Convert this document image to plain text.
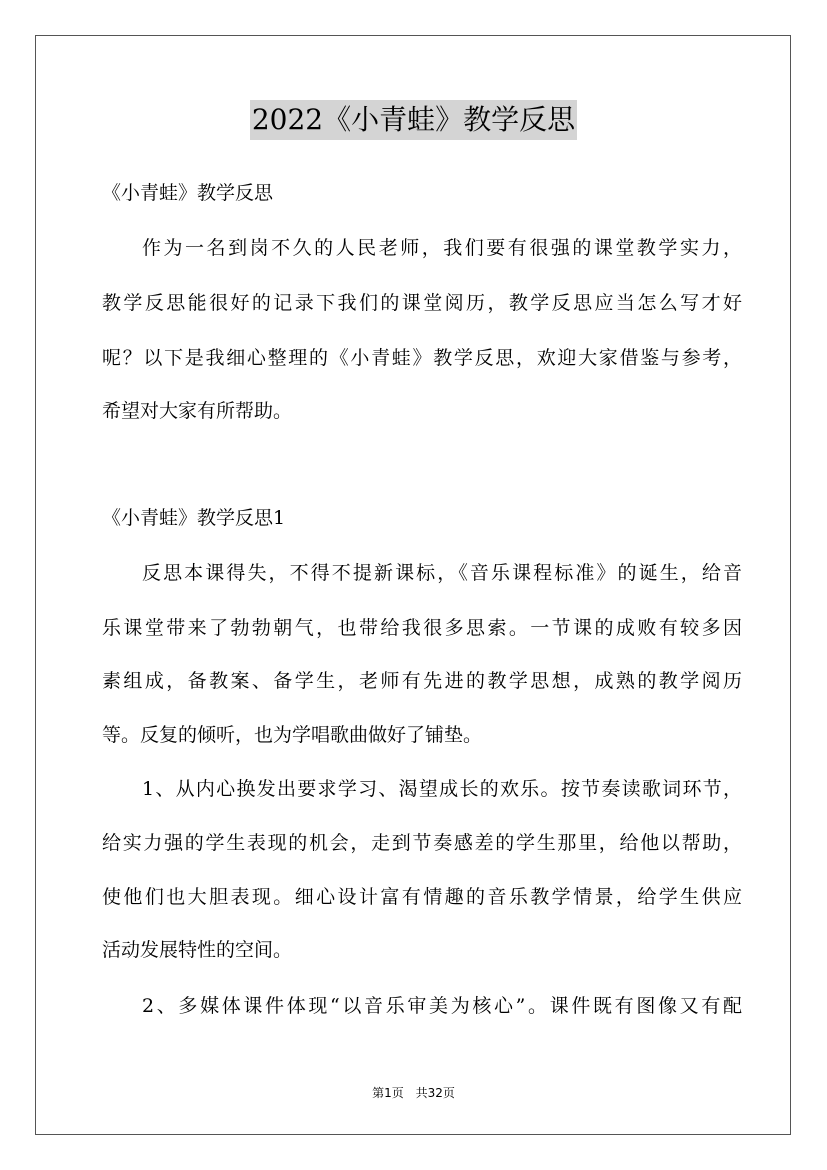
2022《小青蛙》教学反思
《小青蛙》教学反思
作为一名到岗不久的人民老师，我们要有很强的课堂教学实力，
教学反思能很好的记录下我们的课堂阅历，教学反思应当怎么写才好
呢？以下是我细心整理的《小青蛙》教学反思，欢迎大家借鉴与参考，
希望对大家有所帮助。
《小青蛙》教学反思1
反思本课得失，不得不提新课标，《音乐课程标准》的诞生，给音
乐课堂带来了勃勃朝气，也带给我很多思索。一节课的成败有较多因
素组成，备教案、备学生，老师有先进的教学思想，成熟的教学阅历
等。反复的倾听，也为学唱歌曲做好了铺垫。
1、从内心换发出要求学习、渴望成长的欢乐。按节奏读歌词环节，
给实力强的学生表现的机会，走到节奏感差的学生那里，给他以帮助，
使他们也大胆表现。细心设计富有情趣的音乐教学情景，给学生供应
活动发展特性的空间。
2、多媒体课件体现“以音乐审美为核心”。课件既有图像又有配
第1页 共32页
